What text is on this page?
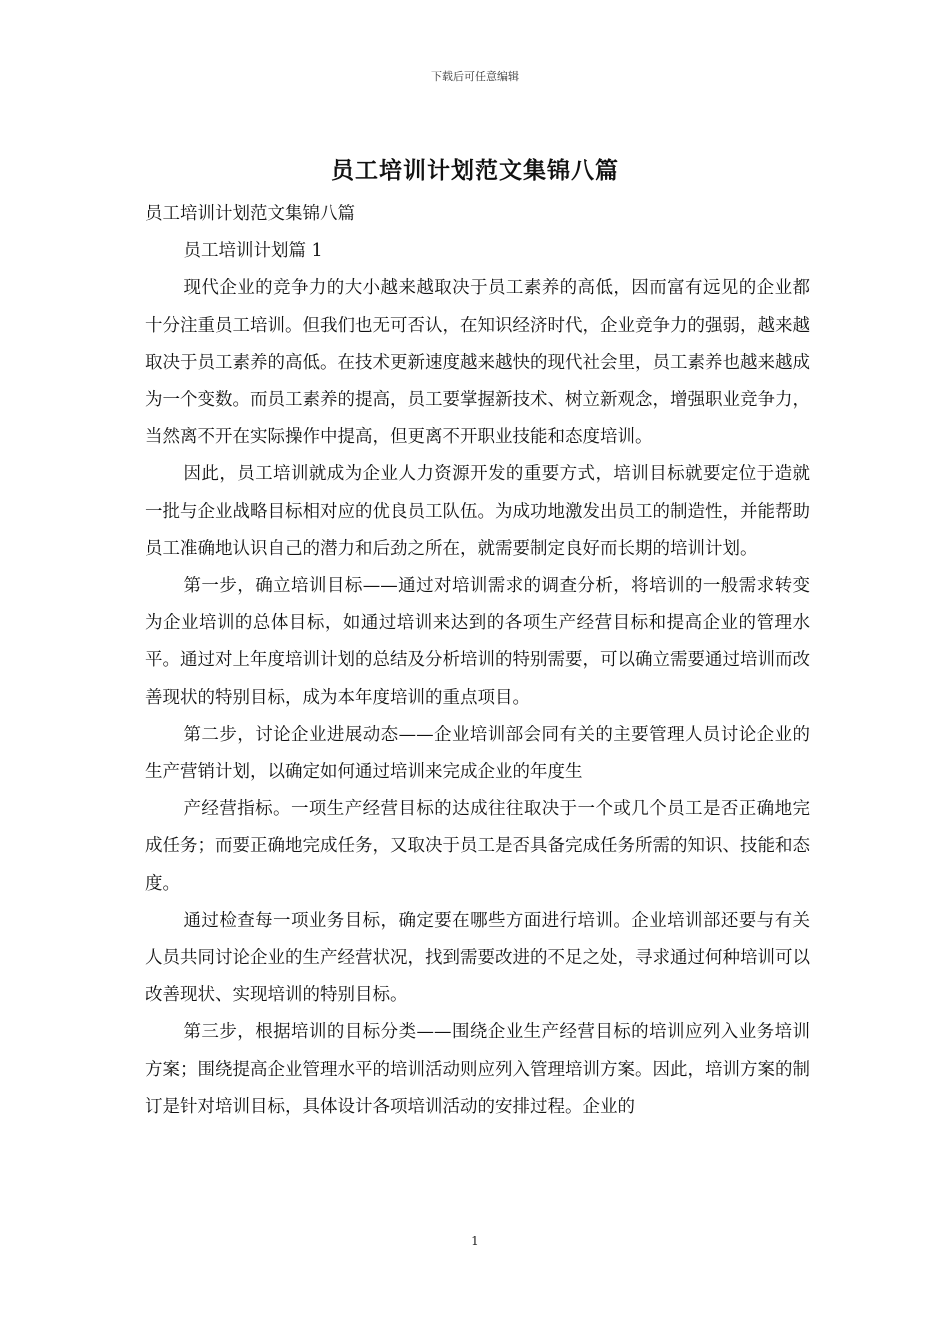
下载后可任意编辑
员工培训计划范文集锦八篇

员工培训计划范文集锦八篇

员工培训计划篇 1

现代企业的竞争力的大小越来越取决于员工素养的高低，因而富有远见的企业都十分注重员工培训。但我们也无可否认，在知识经济时代，企业竞争力的强弱，越来越取决于员工素养的高低。在技术更新速度越来越快的现代社会里，员工素养也越来越成为一个变数。而员工素养的提高，员工要掌握新技术、树立新观念，增强职业竞争力，当然离不开在实际操作中提高，但更离不开职业技能和态度培训。

因此，员工培训就成为企业人力资源开发的重要方式，培训目标就要定位于造就一批与企业战略目标相对应的优良员工队伍。为成功地激发出员工的制造性，并能帮助员工准确地认识自己的潜力和后劲之所在，就需要制定良好而长期的培训计划。

第一步，确立培训目标——通过对培训需求的调查分析，将培训的一般需求转变为企业培训的总体目标，如通过培训来达到的各项生产经营目标和提高企业的管理水平。通过对上年度培训计划的总结及分析培训的特别需要，可以确立需要通过培训而改善现状的特别目标，成为本年度培训的重点项目。

第二步，讨论企业进展动态——企业培训部会同有关的主要管理人员讨论企业的生产营销计划，以确定如何通过培训来完成企业的年度生

产经营指标。一项生产经营目标的达成往往取决于一个或几个员工是否正确地完成任务；而要正确地完成任务，又取决于员工是否具备完成任务所需的知识、技能和态度。

通过检查每一项业务目标，确定要在哪些方面进行培训。企业培训部还要与有关人员共同讨论企业的生产经营状况，找到需要改进的不足之处，寻求通过何种培训可以改善现状、实现培训的特别目标。

第三步，根据培训的目标分类——围绕企业生产经营目标的培训应列入业务培训方案；围绕提高企业管理水平的培训活动则应列入管理培训方案。因此，培训方案的制订是针对培训目标，具体设计各项培训活动的安排过程。企业的

1
